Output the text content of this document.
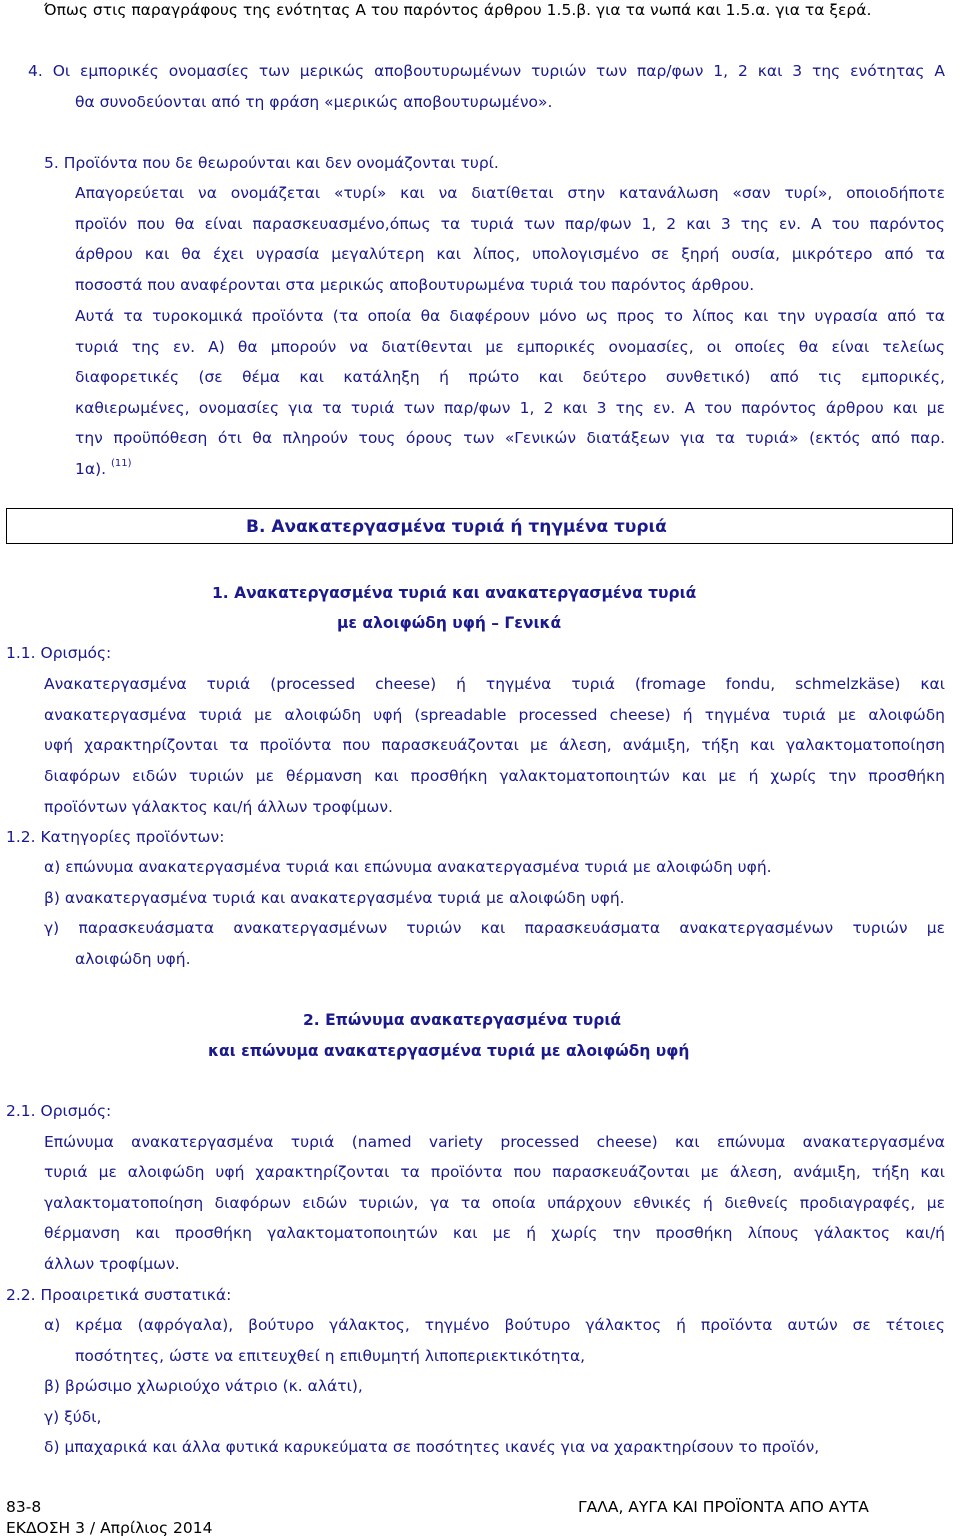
Όπως στις παραγράφους της ενότητας Α του παρόντος άρθρου 1.5.β. για τα νωπά και 1.5.α. για τα ξερά.
4. Οι εμπορικές ονομασίες των μερικώς αποβουτυρωμένων τυριών των παρ/φων 1, 2 και 3 της ενότητας Α
θα συνοδεύονται από τη φράση «μερικώς αποβουτυρωμένο».
5. Προϊόντα που δε θεωρούνται και δεν ονομάζονται τυρί.
Απαγορεύεται να ονομάζεται «τυρί» και να διατίθεται στην κατανάλωση «σαν τυρί», οποιοδήποτε
προϊόν που θα είναι παρασκευασμένο,όπως τα τυριά των παρ/φων 1, 2 και 3 της εν. Α του παρόντος
άρθρου και θα έχει υγρασία μεγαλύτερη και λίπος, υπολογισμένο σε ξηρή ουσία, μικρότερο από τα
ποσοστά που αναφέρονται στα μερικώς αποβουτυρωμένα τυριά του παρόντος άρθρου.
Αυτά τα τυροκομικά προϊόντα (τα οποία θα διαφέρουν μόνο ως προς το λίπος και την υγρασία από τα
τυριά της εν. Α) θα μπορούν να διατίθενται με εμπορικές ονομασίες, οι οποίες θα είναι τελείως
διαφορετικές (σε θέμα και κατάληξη ή πρώτο και δεύτερο συνθετικό) από τις εμπορικές,
καθιερωμένες, ονομασίες για τα τυριά των παρ/φων 1, 2 και 3 της εν. Α του παρόντος άρθρου και με
την προϋπόθεση ότι θα πληρούν τους όρους των «Γενικών διατάξεων για τα τυριά» (εκτός από παρ.
1α). $^{(11)}$
Β. Ανακατεργασμένα τυριά ή τηγμένα τυριά
1. Ανακατεργασμένα τυριά και ανακατεργασμένα τυριά
με αλοιφώδη υφή – Γενικά
1.1. Ορισμός:
Ανακατεργασμένα τυριά (processed cheese) ή τηγμένα τυριά (fromage fondu, schmelzkäse) και
ανακατεργασμένα τυριά με αλοιφώδη υφή (spreadable processed cheese) ή τηγμένα τυριά με αλοιφώδη
υφή χαρακτηρίζονται τα προϊόντα που παρασκευάζονται με άλεση, ανάμιξη, τήξη και γαλακτοματοποίηση
διαφόρων ειδών τυριών με θέρμανση και προσθήκη γαλακτοματοποιητών και με ή χωρίς την προσθήκη
προϊόντων γάλακτος και/ή άλλων τροφίμων.
1.2. Κατηγορίες προϊόντων:
α) επώνυμα ανακατεργασμένα τυριά και επώνυμα ανακατεργασμένα τυριά με αλοιφώδη υφή.
β) ανακατεργασμένα τυριά και ανακατεργασμένα τυριά με αλοιφώδη υφή.
γ) παρασκευάσματα ανακατεργασμένων τυριών και παρασκευάσματα ανακατεργασμένων τυριών με
αλοιφώδη υφή.
2. Επώνυμα ανακατεργασμένα τυριά
και επώνυμα ανακατεργασμένα τυριά με αλοιφώδη υφή
2.1. Ορισμός:
Επώνυμα ανακατεργασμένα τυριά (named variety processed cheese) και επώνυμα ανακατεργασμένα
τυριά με αλοιφώδη υφή χαρακτηρίζονται τα προϊόντα που παρασκευάζονται με άλεση, ανάμιξη, τήξη και
γαλακτοματοποίηση διαφόρων ειδών τυριών, γα τα οποία υπάρχουν εθνικές ή διεθνείς προδιαγραφές, με
θέρμανση και προσθήκη γαλακτοματοποιητών και με ή χωρίς την προσθήκη λίπους γάλακτος και/ή
άλλων τροφίμων.
2.2. Προαιρετικά συστατικά:
α) κρέμα (αφρόγαλα), βούτυρο γάλακτος, τηγμένο βούτυρο γάλακτος ή προϊόντα αυτών σε τέτοιες
ποσότητες, ώστε να επιτευχθεί η επιθυμητή λιποπεριεκτικότητα,
β) βρώσιμο χλωριούχο νάτριο (κ. αλάτι),
γ) ξύδι,
δ) μπαχαρικά και άλλα φυτικά καρυκεύματα σε ποσότητες ικανές για να χαρακτηρίσουν το προϊόν,
83-8
ΕΚΔΟΣΗ 3 / Απρίλιος 2014
ΓΑΛΑ, ΑΥΓΑ ΚΑΙ ΠΡΟΪΟΝΤΑ ΑΠΟ ΑΥΤΑ
